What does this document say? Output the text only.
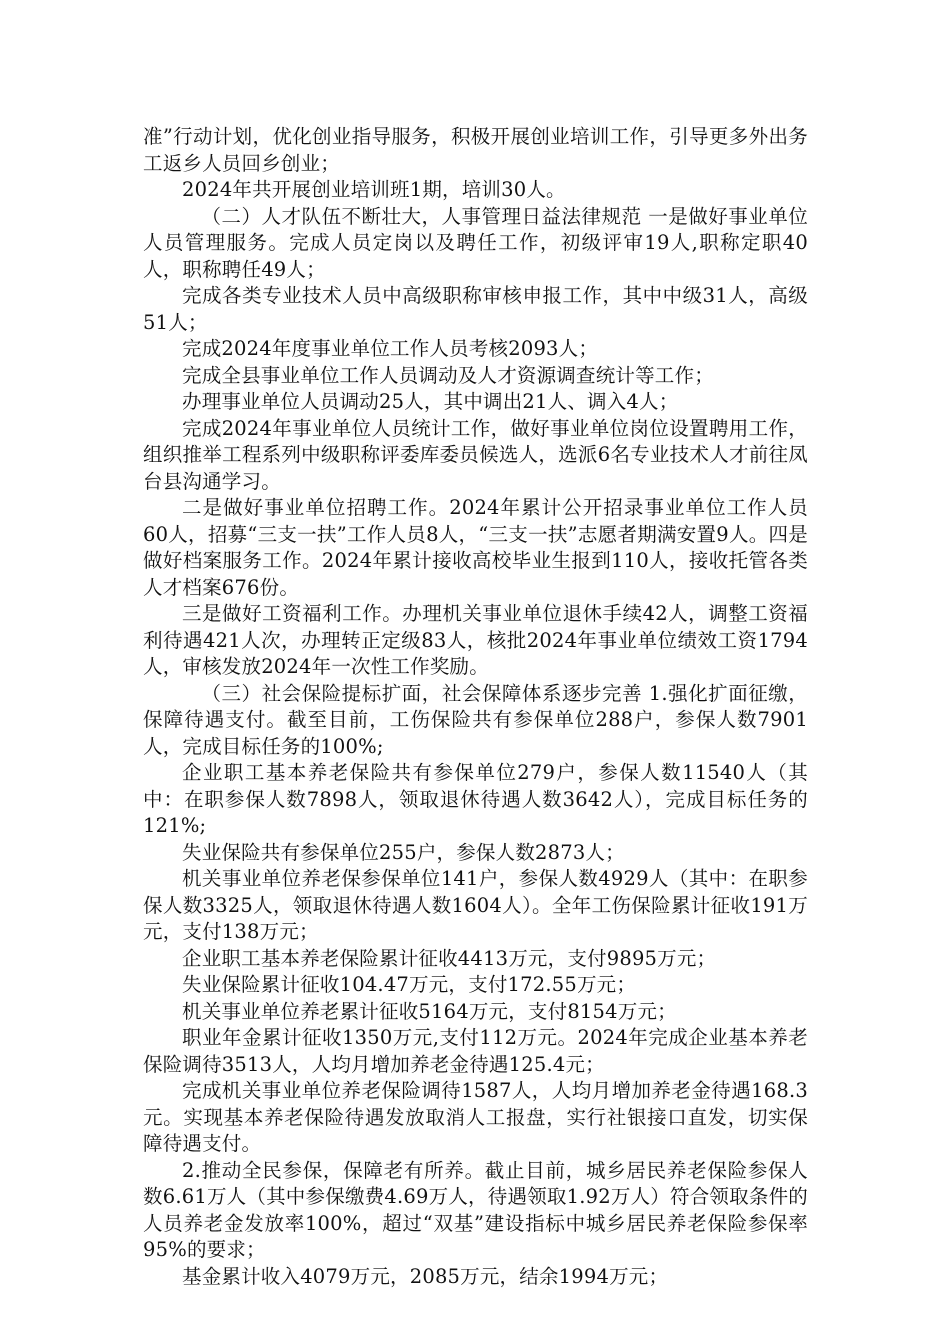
准”行动计划，优化创业指导服务，积极开展创业培训工作，引导更多外出务工返乡人员回乡创业；

2024年共开展创业培训班1期，培训30人。

（二）人才队伍不断壮大，人事管理日益法律规范 一是做好事业单位人员管理服务。完成人员定岗以及聘任工作，初级评审19人,职称定职40人，职称聘任49人；

完成各类专业技术人员中高级职称审核申报工作，其中中级31人，高级51人；

完成2024年度事业单位工作人员考核2093人；

完成全县事业单位工作人员调动及人才资源调查统计等工作；

办理事业单位人员调动25人，其中调出21人、调入4人；

完成2024年事业单位人员统计工作，做好事业单位岗位设置聘用工作，组织推举工程系列中级职称评委库委员候选人，选派6名专业技术人才前往凤台县沟通学习。

二是做好事业单位招聘工作。2024年累计公开招录事业单位工作人员60人，招募“三支一扶”工作人员8人，“三支一扶”志愿者期满安置9人。四是做好档案服务工作。2024年累计接收高校毕业生报到110人，接收托管各类人才档案676份。

三是做好工资福利工作。办理机关事业单位退休手续42人，调整工资福利待遇421人次，办理转正定级83人，核批2024年事业单位绩效工资1794人，审核发放2024年一次性工作奖励。

（三）社会保险提标扩面，社会保障体系逐步完善 1.强化扩面征缴，保障待遇支付。截至目前，工伤保险共有参保单位288户，参保人数7901人，完成目标任务的100%;

企业职工基本养老保险共有参保单位279户，参保人数11540人（其中：在职参保人数7898人，领取退休待遇人数3642人），完成目标任务的121%;

失业保险共有参保单位255户，参保人数2873人；

机关事业单位养老保参保单位141户，参保人数4929人（其中：在职参保人数3325人，领取退休待遇人数1604人）。全年工伤保险累计征收191万元，支付138万元；

企业职工基本养老保险累计征收4413万元，支付9895万元；

失业保险累计征收104.47万元，支付172.55万元；

机关事业单位养老累计征收5164万元，支付8154万元；

职业年金累计征收1350万元,支付112万元。2024年完成企业基本养老保险调待3513人，人均月增加养老金待遇125.4元；

完成机关事业单位养老保险调待1587人，人均月增加养老金待遇168.3元。实现基本养老保险待遇发放取消人工报盘，实行社银接口直发，切实保障待遇支付。

2.推动全民参保，保障老有所养。截止目前，城乡居民养老保险参保人数6.61万人（其中参保缴费4.69万人，待遇领取1.92万人）符合领取条件的人员养老金发放率100%，超过“双基”建设指标中城乡居民养老保险参保率95%的要求；

基金累计收入4079万元，2085万元，结余1994万元；
